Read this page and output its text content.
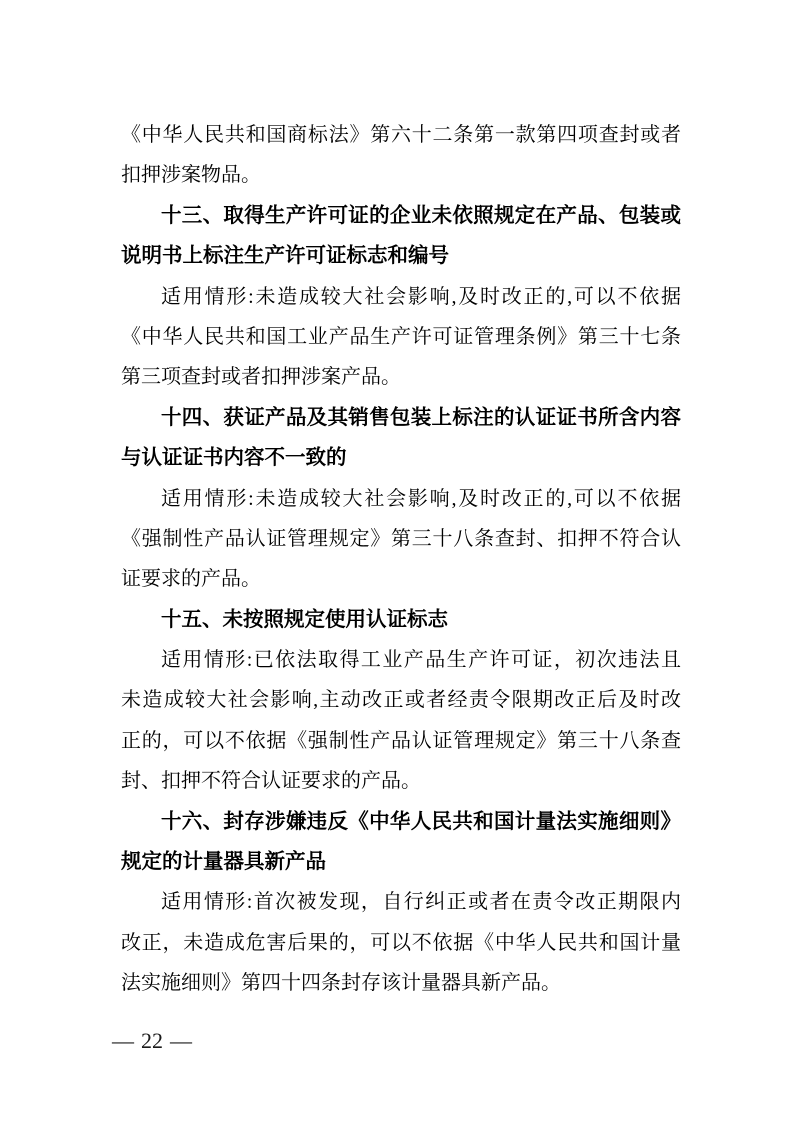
《中华人民共和国商标法》第六十二条第一款第四项查封或者
扣押涉案物品。
十三、取得生产许可证的企业未依照规定在产品、包装或
说明书上标注生产许可证标志和编号
适用情形:未造成较大社会影响,及时改正的,可以不依据
《中华人民共和国工业产品生产许可证管理条例》第三十七条
第三项查封或者扣押涉案产品。
十四、获证产品及其销售包装上标注的认证证书所含内容
与认证证书内容不一致的
适用情形:未造成较大社会影响,及时改正的,可以不依据
《强制性产品认证管理规定》第三十八条查封、扣押不符合认
证要求的产品。
十五、未按照规定使用认证标志
适用情形:已依法取得工业产品生产许可证，初次违法且
未造成较大社会影响,主动改正或者经责令限期改正后及时改
正的，可以不依据《强制性产品认证管理规定》第三十八条查
封、扣押不符合认证要求的产品。
十六、封存涉嫌违反《中华人民共和国计量法实施细则》
规定的计量器具新产品
适用情形:首次被发现，自行纠正或者在责令改正期限内
改正，未造成危害后果的，可以不依据《中华人民共和国计量
法实施细则》第四十四条封存该计量器具新产品。
— 22 —
